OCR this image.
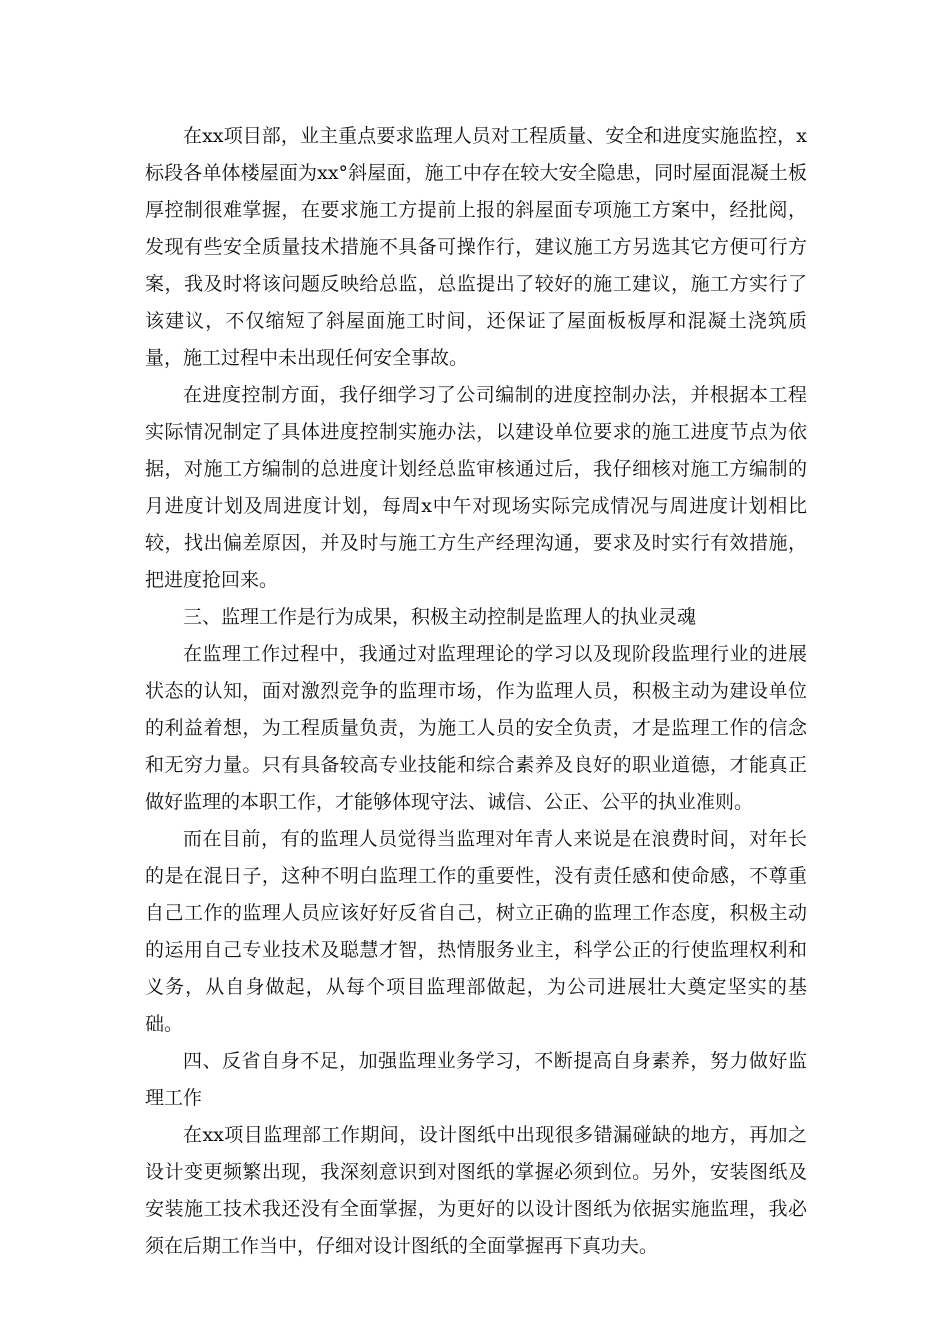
在xx项目部，业主重点要求监理人员对工程质量、安全和进度实施监控，x标段各单体楼屋面为xx°斜屋面，施工中存在较大安全隐患，同时屋面混凝土板厚控制很难掌握，在要求施工方提前上报的斜屋面专项施工方案中，经批阅，发现有些安全质量技术措施不具备可操作行，建议施工方另选其它方便可行方案，我及时将该问题反映给总监，总监提出了较好的施工建议，施工方实行了该建议，不仅缩短了斜屋面施工时间，还保证了屋面板板厚和混凝土浇筑质量，施工过程中未出现任何安全事故。

在进度控制方面，我仔细学习了公司编制的进度控制办法，并根据本工程实际情况制定了具体进度控制实施办法，以建设单位要求的施工进度节点为依据，对施工方编制的总进度计划经总监审核通过后，我仔细核对施工方编制的月进度计划及周进度计划，每周x中午对现场实际完成情况与周进度计划相比较，找出偏差原因，并及时与施工方生产经理沟通，要求及时实行有效措施，把进度抢回来。

三、监理工作是行为成果，积极主动控制是监理人的执业灵魂

在监理工作过程中，我通过对监理理论的学习以及现阶段监理行业的进展状态的认知，面对激烈竞争的监理市场，作为监理人员，积极主动为建设单位的利益着想，为工程质量负责，为施工人员的安全负责，才是监理工作的信念和无穷力量。只有具备较高专业技能和综合素养及良好的职业道德，才能真正做好监理的本职工作，才能够体现守法、诚信、公正、公平的执业准则。

而在目前，有的监理人员觉得当监理对年青人来说是在浪费时间，对年长的是在混日子，这种不明白监理工作的重要性，没有责任感和使命感，不尊重自己工作的监理人员应该好好反省自己，树立正确的监理工作态度，积极主动的运用自己专业技术及聪慧才智，热情服务业主，科学公正的行使监理权利和义务，从自身做起，从每个项目监理部做起，为公司进展壮大奠定坚实的基础。

四、反省自身不足，加强监理业务学习，不断提高自身素养，努力做好监理工作

在xx项目监理部工作期间，设计图纸中出现很多错漏碰缺的地方，再加之设计变更频繁出现，我深刻意识到对图纸的掌握必须到位。另外，安装图纸及安装施工技术我还没有全面掌握，为更好的以设计图纸为依据实施监理，我必须在后期工作当中，仔细对设计图纸的全面掌握再下真功夫。
